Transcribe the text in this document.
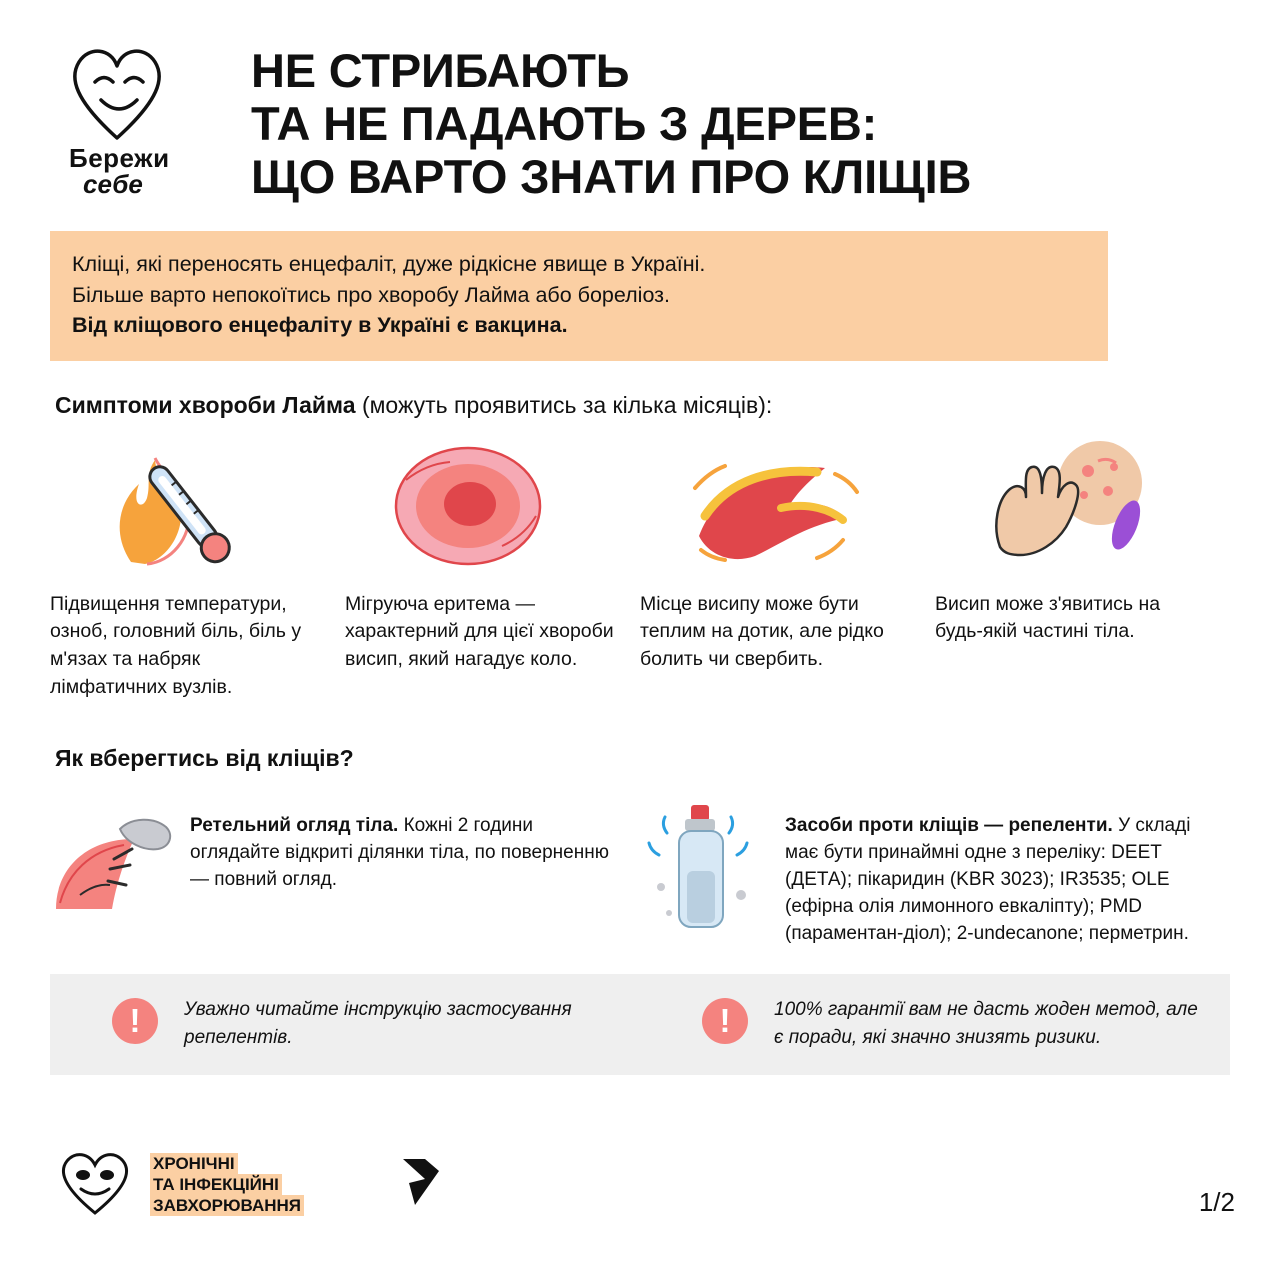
Бережи
себе
НЕ СТРИБАЮТЬ
ТА НЕ ПАДАЮТЬ З ДЕРЕВ:
ЩО ВАРТО ЗНАТИ ПРО КЛІЩІВ
Кліщі, які переносять енцефаліт, дуже рідкісне явище в Україні.
Більше варто непокоїтись про хворобу Лайма або бореліоз.
Від кліщового енцефаліту в Україні є вакцина.
Симптоми хвороби Лайма (можуть проявитись за кілька місяців):
Підвищення температури, озноб, головний біль, біль у м'язах та набряк лімфатичних вузлів.
Мігруюча еритема — характерний для цієї хвороби висип, який нагадує коло.
Місце висипу може бути теплим на дотик, але рідко болить чи свербить.
Висип може з'явитись на будь-якій частині тіла.
Як вберегтись від кліщів?
Ретельний огляд тіла. Кожні 2 години оглядайте відкриті ділянки тіла, по поверненню — повний огляд.
Засоби проти кліщів — репеленти. У складі має бути принаймні одне з переліку: DEET (ДЕТА); пікаридин (KBR 3023); IR3535; OLE (ефірна олія лимонного евкаліпту); PMD (параментан-діол); 2-undecanone; перметрин.
!	Уважно читайте інструкцію застосування репелентів.	!	100% гарантії вам не дасть жоден метод, але є поради, які значно знизять ризики.
ХРОНІЧНІ
ТА ІНФЕКЦІЙНІ
ЗАВХОРЮВАННЯ	1/2
